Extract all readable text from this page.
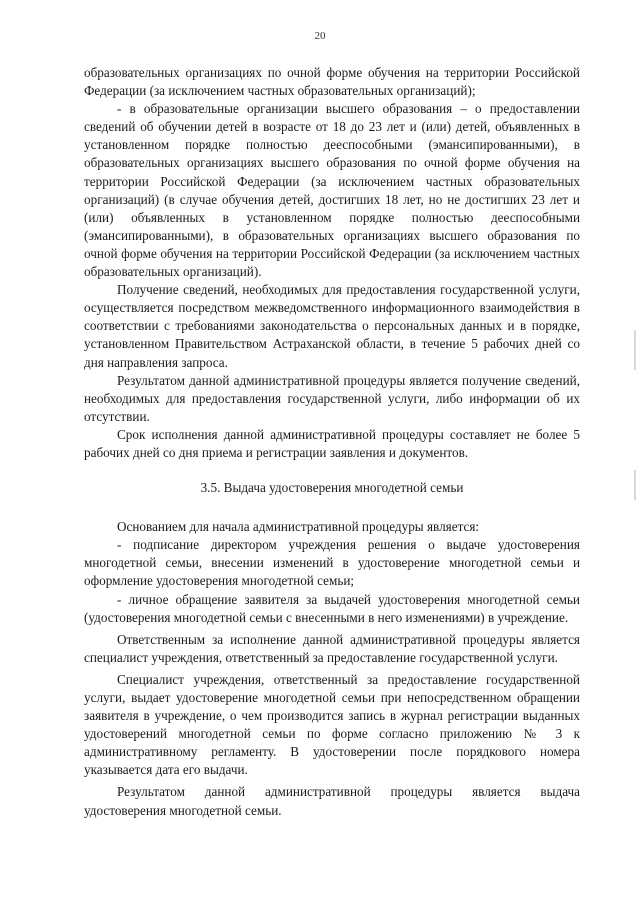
20

образовательных организациях по очной форме обучения на территории Российской Федерации (за исключением частных образовательных организаций);

- в образовательные организации высшего образования – о предоставлении сведений об обучении детей в возрасте от 18 до 23 лет и (или) детей, объявленных в установленном порядке полностью дееспособными (эмансипированными), в образовательных организациях высшего образования по очной форме обучения на территории Российской Федерации (за исключением частных образовательных организаций) (в случае обучения детей, достигших 18 лет, но не достигших 23 лет и (или) объявленных в установленном порядке полностью дееспособными (эмансипированными), в образовательных организациях высшего образования по очной форме обучения на территории Российской Федерации (за исключением частных образовательных организаций).

Получение сведений, необходимых для предоставления государственной услуги, осуществляется посредством межведомственного информационного взаимодействия в соответствии с требованиями законодательства о персональных данных и в порядке, установленном Правительством Астраханской области, в течение 5 рабочих дней со дня направления запроса.

Результатом данной административной процедуры является получение сведений, необходимых для предоставления государственной услуги, либо информации об их отсутствии.

Срок исполнения данной административной процедуры составляет не более 5 рабочих дней со дня приема и регистрации заявления и документов.

3.5. Выдача удостоверения многодетной семьи

Основанием для начала административной процедуры является:

- подписание директором учреждения решения о выдаче удостоверения многодетной семьи, внесении изменений в удостоверение многодетной семьи и оформление удостоверения многодетной семьи;

- личное обращение заявителя за выдачей удостоверения многодетной семьи (удостоверения многодетной семьи с внесенными в него изменениями) в учреждение.

Ответственным за исполнение данной административной процедуры является специалист учреждения, ответственный за предоставление государственной услуги.

Специалист учреждения, ответственный за предоставление государственной услуги, выдает удостоверение многодетной семьи при непосредственном обращении заявителя в учреждение, о чем производится запись в журнал регистрации выданных удостоверений многодетной семьи по форме согласно приложению № 3 к административному регламенту. В удостоверении после порядкового номера указывается дата его выдачи.

Результатом данной административной процедуры является выдача удостоверения многодетной семьи.
